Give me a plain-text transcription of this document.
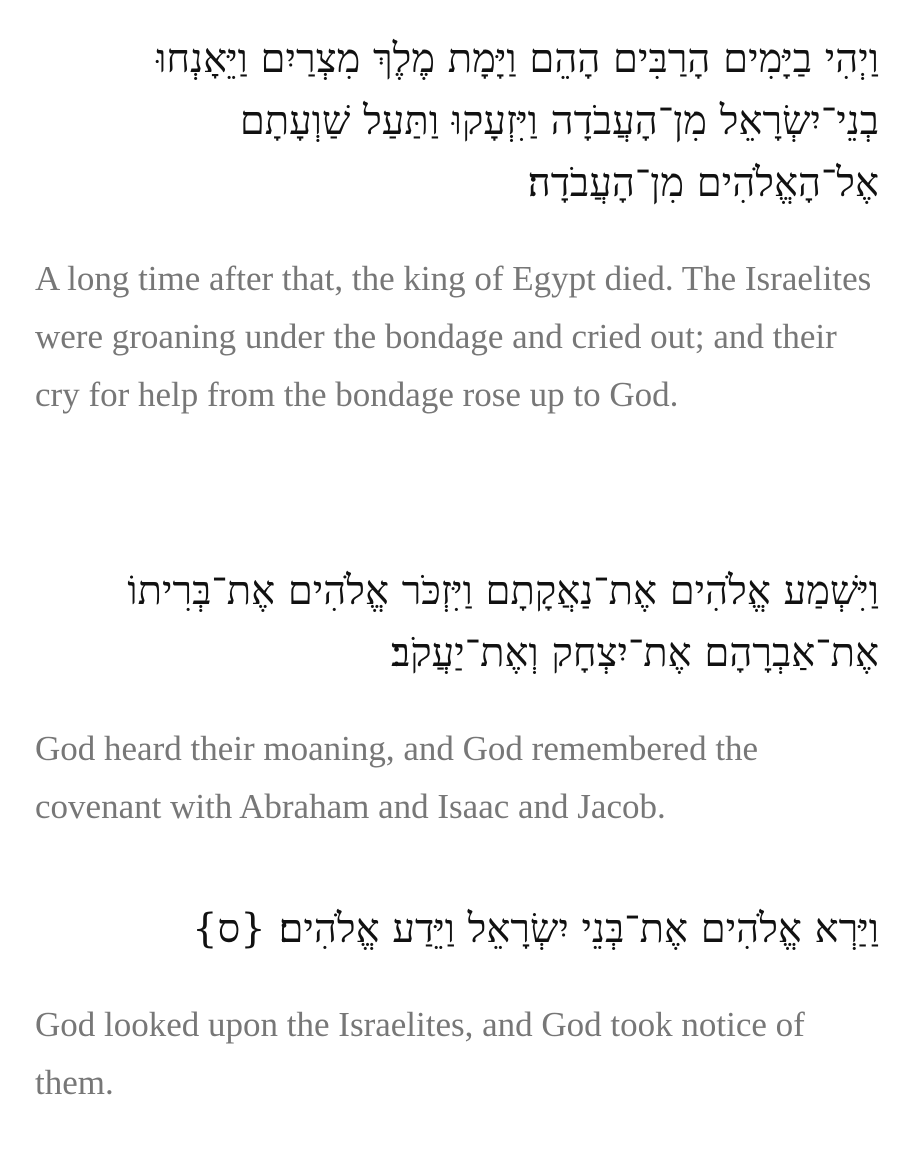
וַיְהִי בַיָּמִים הָרַבִּים הָהֵם וַיָּמָת מֶלֶךְ מִצְרַיִם וַיֵּאָנְחוּ
בְנֵי־יִשְׂרָאֵל מִן־הָעֲבֹדָה וַיִּזְעָקוּ וַתַּעַל שַׁוְעָתָם
אֶל־הָאֱלֹהִים מִן־הָעֲבֹדָה׃

A long time after that, the king of Egypt died. The Israelites were groaning under the bondage and cried out; and their cry for help from the bondage rose up to God.

וַיִּשְׁמַע אֱלֹהִים אֶת־נַאֲקָתָם וַיִּזְכֹּר אֱלֹהִים אֶת־בְּרִיתוֹ
אֶת־אַבְרָהָם אֶת־יִצְחָק וְאֶת־יַעֲקֹב׃

God heard their moaning, and God remembered the covenant with Abraham and Isaac and Jacob.

וַיַּרְא אֱלֹהִים אֶת־בְּנֵי יִשְׂרָאֵל וַיֵּדַע אֱלֹהִים׃ {ס}

God looked upon the Israelites, and God took notice of them.
